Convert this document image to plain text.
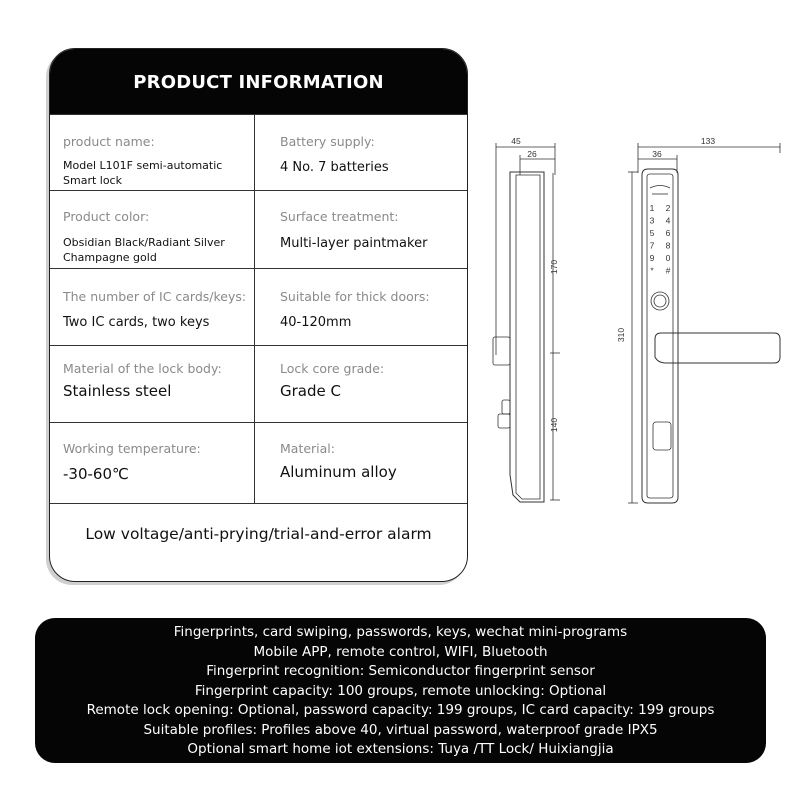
PRODUCT INFORMATION
product name:
Model L101F semi-automatic
Smart lock
Battery supply:
4 No. 7 batteries
Product color:
Obsidian Black/Radiant Silver
Champagne gold
Surface treatment:
Multi-layer paintmaker
The number of IC cards/keys:
Two IC cards, two keys
Suitable for thick doors:
40-120mm
Material of the lock body:
Stainless steel
Lock core grade:
Grade C
Working temperature:
-30-60℃
Material:
Aluminum alloy
Low voltage/anti-prying/trial-and-error alarm
1 2
3 4
5 6
7 8
9 0
* #
45
26
170
140
133
36
310
Fingerprints, card swiping, passwords, keys, wechat mini-programs
Mobile APP, remote control, WIFI, Bluetooth
Fingerprint recognition: Semiconductor fingerprint sensor
Fingerprint capacity: 100 groups, remote unlocking: Optional
Remote lock opening: Optional, password capacity: 199 groups, IC card capacity: 199 groups
Suitable profiles: Profiles above 40, virtual password, waterproof grade IPX5
Optional smart home iot extensions: Tuya /TT Lock/ Huixiangjia
